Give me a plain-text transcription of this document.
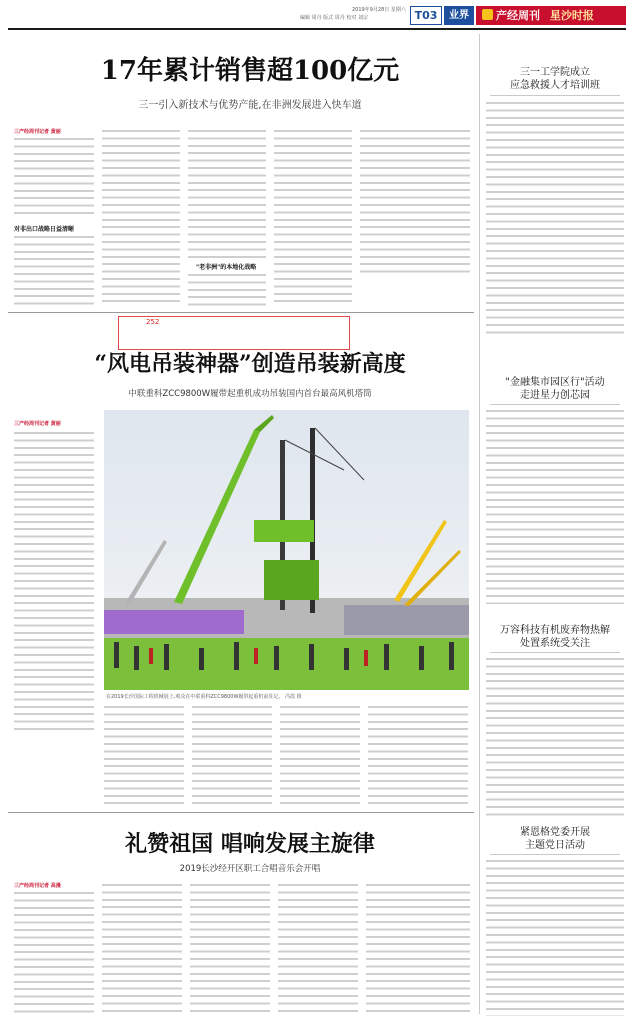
2019年9月28日 星期六
编辑 周丹 版式 周丹 校对 刘宗	T03	业界	产经周刊 星沙时报
17年累计销售超100亿元
三一引入新技术与优势产能,在非洲发展进入快车道
三产经周刊记者 黄丽
对非出口战略日益清晰
"老非洲"的本地化战略
252
“风电吊装神器”创造吊装新高度
中联重科ZCC9800W履带起重机成功吊装国内首台最高风机塔筒
三产经周刊记者 黄丽
在2019长沙国际工程机械展上,观众在中联重科ZCC9800W履带起重机前驻足。 冯霞 摄
礼赞祖国 唱响发展主旋律
2019长沙经开区职工合唱音乐会开唱
三产经周刊记者 高漫
三一工学院成立
应急救援人才培训班
"金融集市园区行"活动
走进星力创芯园
万容科技有机废弃物热解
处置系统受关注
紧恩格党委开展
主题党日活动
